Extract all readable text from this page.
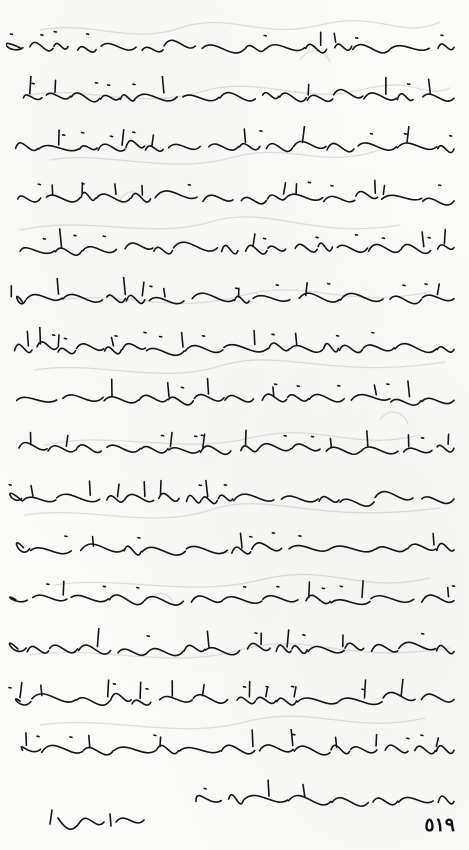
٥١٩
